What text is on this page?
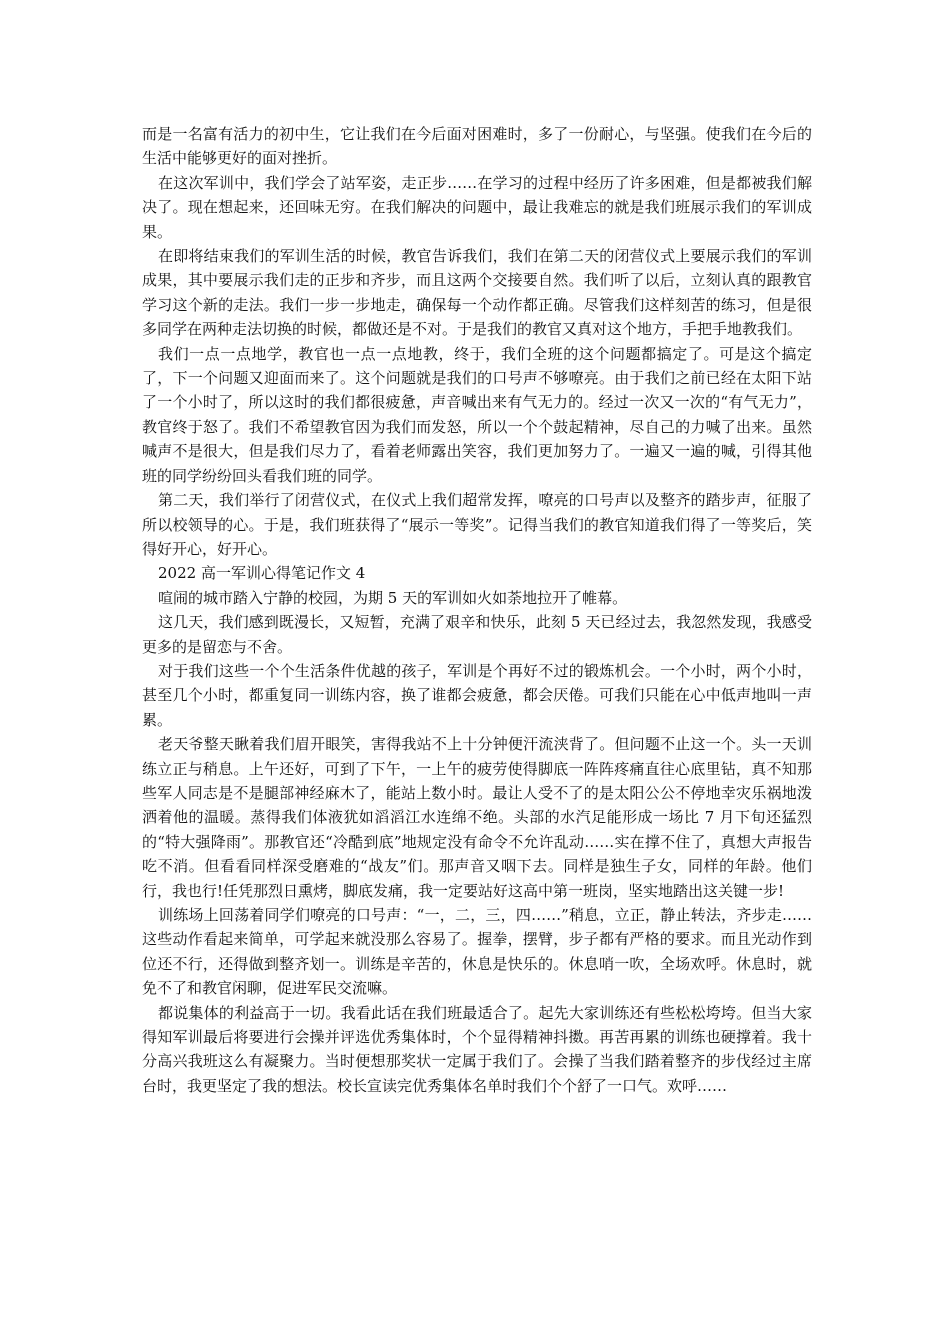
而是一名富有活力的初中生，它让我们在今后面对困难时，多了一份耐心，与坚强。使我们在今后的生活中能够更好的面对挫折。

在这次军训中，我们学会了站军姿，走正步……在学习的过程中经历了许多困难，但是都被我们解决了。现在想起来，还回味无穷。在我们解决的问题中，最让我难忘的就是我们班展示我们的军训成果。

在即将结束我们的军训生活的时候，教官告诉我们，我们在第二天的闭营仪式上要展示我们的军训成果，其中要展示我们走的正步和齐步，而且这两个交接要自然。我们听了以后，立刻认真的跟教官学习这个新的走法。我们一步一步地走，确保每一个动作都正确。尽管我们这样刻苦的练习，但是很多同学在两种走法切换的时候，都做还是不对。于是我们的教官又真对这个地方，手把手地教我们。

我们一点一点地学，教官也一点一点地教，终于，我们全班的这个问题都搞定了。可是这个搞定了，下一个问题又迎面而来了。这个问题就是我们的口号声不够嘹亮。由于我们之前已经在太阳下站了一个小时了，所以这时的我们都很疲惫，声音喊出来有气无力的。经过一次又一次的“有气无力”，教官终于怒了。我们不希望教官因为我们而发怒，所以一个个鼓起精神，尽自己的力喊了出来。虽然喊声不是很大，但是我们尽力了，看着老师露出笑容，我们更加努力了。一遍又一遍的喊，引得其他班的同学纷纷回头看我们班的同学。

第二天，我们举行了闭营仪式，在仪式上我们超常发挥，嘹亮的口号声以及整齐的踏步声，征服了所以校领导的心。于是，我们班获得了“展示一等奖”。记得当我们的教官知道我们得了一等奖后，笑得好开心，好开心。

2022 高一军训心得笔记作文 4

喧闹的城市踏入宁静的校园，为期 5 天的军训如火如荼地拉开了帷幕。

这几天，我们感到既漫长，又短暂，充满了艰辛和快乐，此刻 5 天已经过去，我忽然发现，我感受更多的是留恋与不舍。

对于我们这些一个个生活条件优越的孩子，军训是个再好不过的锻炼机会。一个小时，两个小时，甚至几个小时，都重复同一训练内容，换了谁都会疲惫，都会厌倦。可我们只能在心中低声地叫一声累。

老天爷整天瞅着我们眉开眼笑，害得我站不上十分钟便汗流浃背了。但问题不止这一个。头一天训练立正与稍息。上午还好，可到了下午，一上午的疲劳使得脚底一阵阵疼痛直往心底里钻，真不知那些军人同志是不是腿部神经麻木了，能站上数小时。最让人受不了的是太阳公公不停地幸灾乐祸地泼洒着他的温暖。蒸得我们体液犹如滔滔江水连绵不绝。头部的水汽足能形成一场比 7 月下旬还猛烈的“特大强降雨”。那教官还“冷酷到底”地规定没有命令不允许乱动……实在撑不住了，真想大声报告吃不消。但看看同样深受磨难的“战友”们。那声音又咽下去。同样是独生子女，同样的年龄。他们行，我也行!任凭那烈日熏烤，脚底发痛，我一定要站好这高中第一班岗，坚实地踏出这关键一步!

训练场上回荡着同学们嘹亮的口号声：“一，二，三，四……”稍息，立正，静止转法，齐步走……这些动作看起来简单，可学起来就没那么容易了。握拳，摆臂，步子都有严格的要求。而且光动作到位还不行，还得做到整齐划一。训练是辛苦的，休息是快乐的。休息哨一吹，全场欢呼。休息时，就免不了和教官闲聊，促进军民交流嘛。

都说集体的利益高于一切。我看此话在我们班最适合了。起先大家训练还有些松松垮垮。但当大家得知军训最后将要进行会操并评选优秀集体时，个个显得精神抖擞。再苦再累的训练也硬撑着。我十分高兴我班这么有凝聚力。当时便想那奖状一定属于我们了。会操了当我们踏着整齐的步伐经过主席台时，我更坚定了我的想法。校长宣读完优秀集体名单时我们个个舒了一口气。欢呼……
